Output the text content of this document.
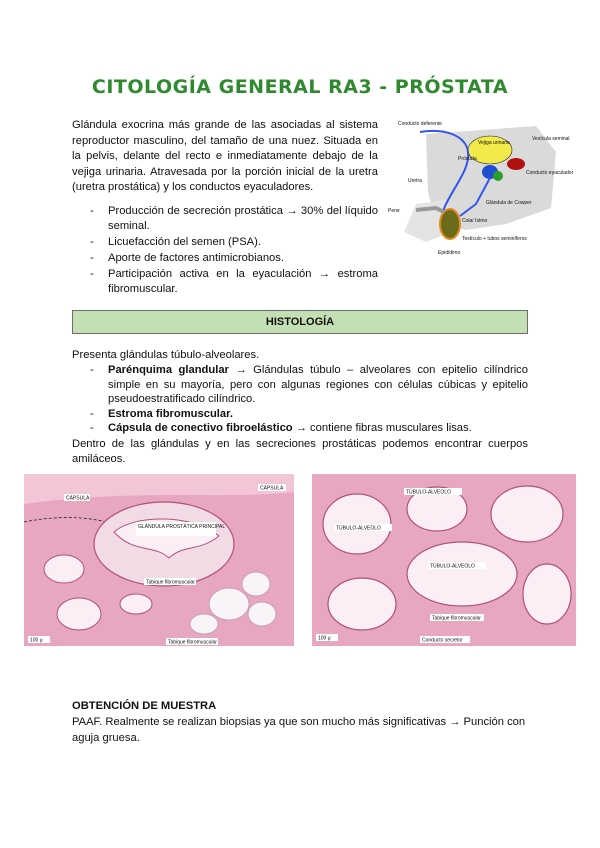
CITOLOGÍA GENERAL RA3 - PRÓSTATA
Glándula exocrina más grande de las asociadas al sistema reproductor masculino, del tamaño de una nuez. Situada en la pelvis, delante del recto e inmediatamente debajo de la vejiga urinaria. Atravesada por la porción inicial de la uretra (uretra prostática) y los conductos eyaculadores.
- Producción de secreción prostática → 30% del líquido seminal.
- Licuefacción del semen (PSA).
- Aporte de factores antimicrobianos.
- Participación activa en la eyaculación → estroma fibromuscular.
Conducto deferente
Vejiga urinaria
Vesícula seminal
Próstata
Uretra
Conducto eyaculador
Glándula de Cowper
Pene
Cola/ Istmo
Testículo + tubos seminíferos
Epidídimo
HISTOLOGÍA
Presenta glándulas túbulo-alveolares.
- Parénquima glandular → Glándulas túbulo – alveolares con epitelio cilíndrico simple en su mayoría, pero con algunas regiones con células cúbicas y epitelio pseudoestratificado cilíndrico.
- Estroma fibromuscular.
- Cápsula de conectivo fibroelástico → contiene fibras musculares lisas.
Dentro de las glándulas y en las secreciones prostáticas podemos encontrar cuerpos amiláceos.
CÁPSULA
CÁPSULA
GLÁNDULA PROSTÁTICA PRINCIPAL
Tabique fibromuscular
Tabique fibromuscular
100 μ
TÚBULO-ALVEOLO
TÚBULO-ALVEOLO
TÚBULO-ALVEOLO
Tabique fibromuscular
Conducto secretor
100 μ
OBTENCIÓN DE MUESTRA
PAAF. Realmente se realizan biopsias ya que son mucho más significativas → Punción con aguja gruesa.
